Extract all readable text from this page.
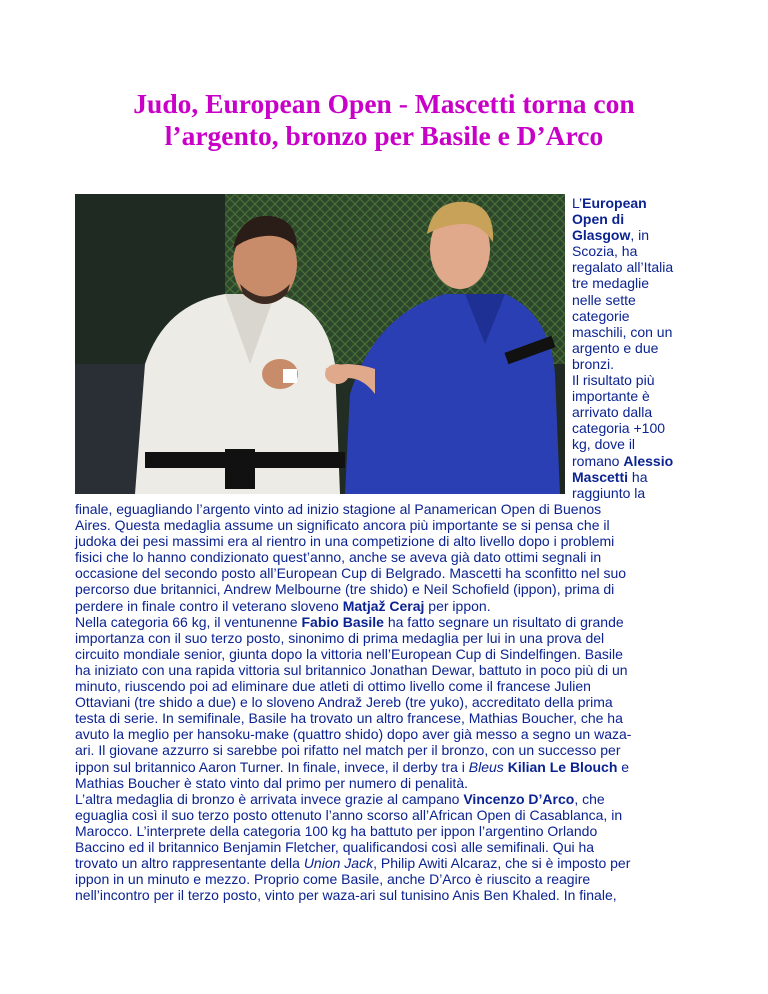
Judo, European Open - Mascetti torna con
l’argento, bronzo per Basile e D’Arco
L’European
Open di
Glasgow, in
Scozia, ha
regalato all’Italia
tre medaglie
nelle sette
categorie
maschili, con un
argento e due
bronzi.
Il risultato più
importante è
arrivato dalla
categoria +100
kg, dove il
romano Alessio
Mascetti ha
raggiunto la
finale, eguagliando l’argento vinto ad inizio stagione al Panamerican Open di Buenos
Aires. Questa medaglia assume un significato ancora più importante se si pensa che il
judoka dei pesi massimi era al rientro in una competizione di alto livello dopo i problemi
fisici che lo hanno condizionato quest’anno, anche se aveva già dato ottimi segnali in
occasione del secondo posto all’European Cup di Belgrado. Mascetti ha sconfitto nel suo
percorso due britannici, Andrew Melbourne (tre shido) e Neil Schofield (ippon), prima di
perdere in finale contro il veterano sloveno Matjaž Ceraj per ippon.
Nella categoria 66 kg, il ventunenne Fabio Basile ha fatto segnare un risultato di grande
importanza con il suo terzo posto, sinonimo di prima medaglia per lui in una prova del
circuito mondiale senior, giunta dopo la vittoria nell’European Cup di Sindelfingen. Basile
ha iniziato con una rapida vittoria sul britannico Jonathan Dewar, battuto in poco più di un
minuto, riuscendo poi ad eliminare due atleti di ottimo livello come il francese Julien
Ottaviani (tre shido a due) e lo sloveno Andraž Jereb (tre yuko), accreditato della prima
testa di serie. In semifinale, Basile ha trovato un altro francese, Mathias Boucher, che ha
avuto la meglio per hansoku-make (quattro shido) dopo aver già messo a segno un waza-
ari. Il giovane azzurro si sarebbe poi rifatto nel match per il bronzo, con un successo per
ippon sul britannico Aaron Turner. In finale, invece, il derby tra i Bleus Kilian Le Blouch e
Mathias Boucher è stato vinto dal primo per numero di penalità.
L’altra medaglia di bronzo è arrivata invece grazie al campano Vincenzo D’Arco, che
eguaglia così il suo terzo posto ottenuto l’anno scorso all’African Open di Casablanca, in
Marocco. L’interprete della categoria 100 kg ha battuto per ippon l’argentino Orlando
Baccino ed il britannico Benjamin Fletcher, qualificandosi così alle semifinali. Qui ha
trovato un altro rappresentante della Union Jack, Philip Awiti Alcaraz, che si è imposto per
ippon in un minuto e mezzo. Proprio come Basile, anche D’Arco è riuscito a reagire
nell’incontro per il terzo posto, vinto per waza-ari sul tunisino Anis Ben Khaled. In finale,
